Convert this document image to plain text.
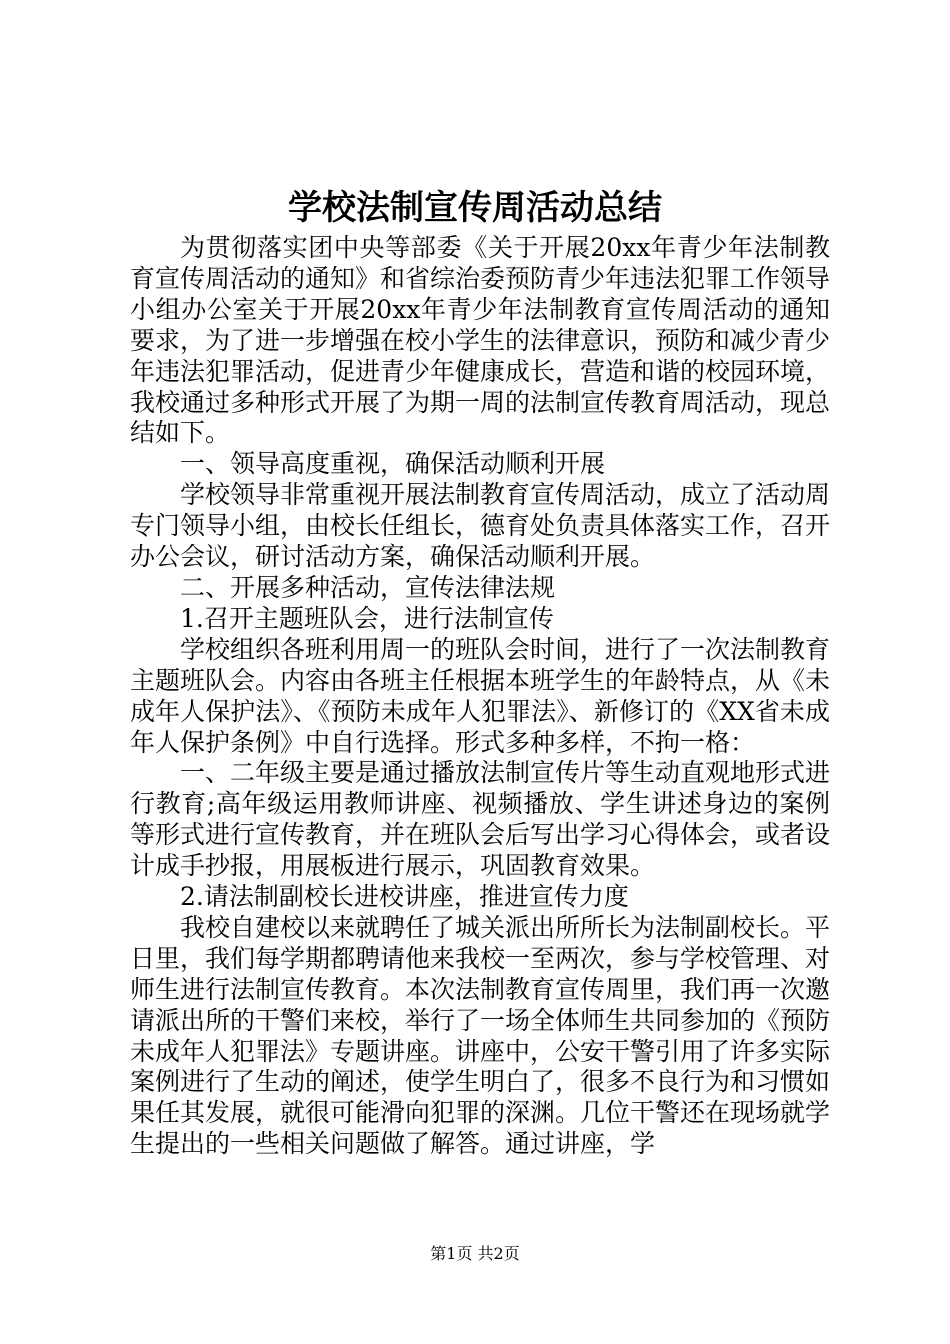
学校法制宣传周活动总结

为贯彻落实团中央等部委《关于开展20xx年青少年法制教育宣传周活动的通知》和省综治委预防青少年违法犯罪工作领导小组办公室关于开展20xx年青少年法制教育宣传周活动的通知要求，为了进一步增强在校小学生的法律意识，预防和减少青少年违法犯罪活动，促进青少年健康成长，营造和谐的校园环境，我校通过多种形式开展了为期一周的法制宣传教育周活动，现总结如下。

一、领导高度重视，确保活动顺利开展

学校领导非常重视开展法制教育宣传周活动，成立了活动周专门领导小组，由校长任组长，德育处负责具体落实工作，召开办公会议，研讨活动方案，确保活动顺利开展。

二、开展多种活动，宣传法律法规

1.召开主题班队会，进行法制宣传

学校组织各班利用周一的班队会时间，进行了一次法制教育主题班队会。内容由各班主任根据本班学生的年龄特点，从《未成年人保护法》、《预防未成年人犯罪法》、新修订的《XX省未成年人保护条例》中自行选择。形式多种多样，不拘一格：

一、二年级主要是通过播放法制宣传片等生动直观地形式进行教育;高年级运用教师讲座、视频播放、学生讲述身边的案例等形式进行宣传教育，并在班队会后写出学习心得体会，或者设计成手抄报，用展板进行展示，巩固教育效果。

2.请法制副校长进校讲座，推进宣传力度

我校自建校以来就聘任了城关派出所所长为法制副校长。平日里，我们每学期都聘请他来我校一至两次，参与学校管理、对师生进行法制宣传教育。本次法制教育宣传周里，我们再一次邀请派出所的干警们来校，举行了一场全体师生共同参加的《预防未成年人犯罪法》专题讲座。讲座中，公安干警引用了许多实际案例进行了生动的阐述，使学生明白了，很多不良行为和习惯如果任其发展，就很可能滑向犯罪的深渊。几位干警还在现场就学生提出的一些相关问题做了解答。通过讲座，学

第1页 共2页
